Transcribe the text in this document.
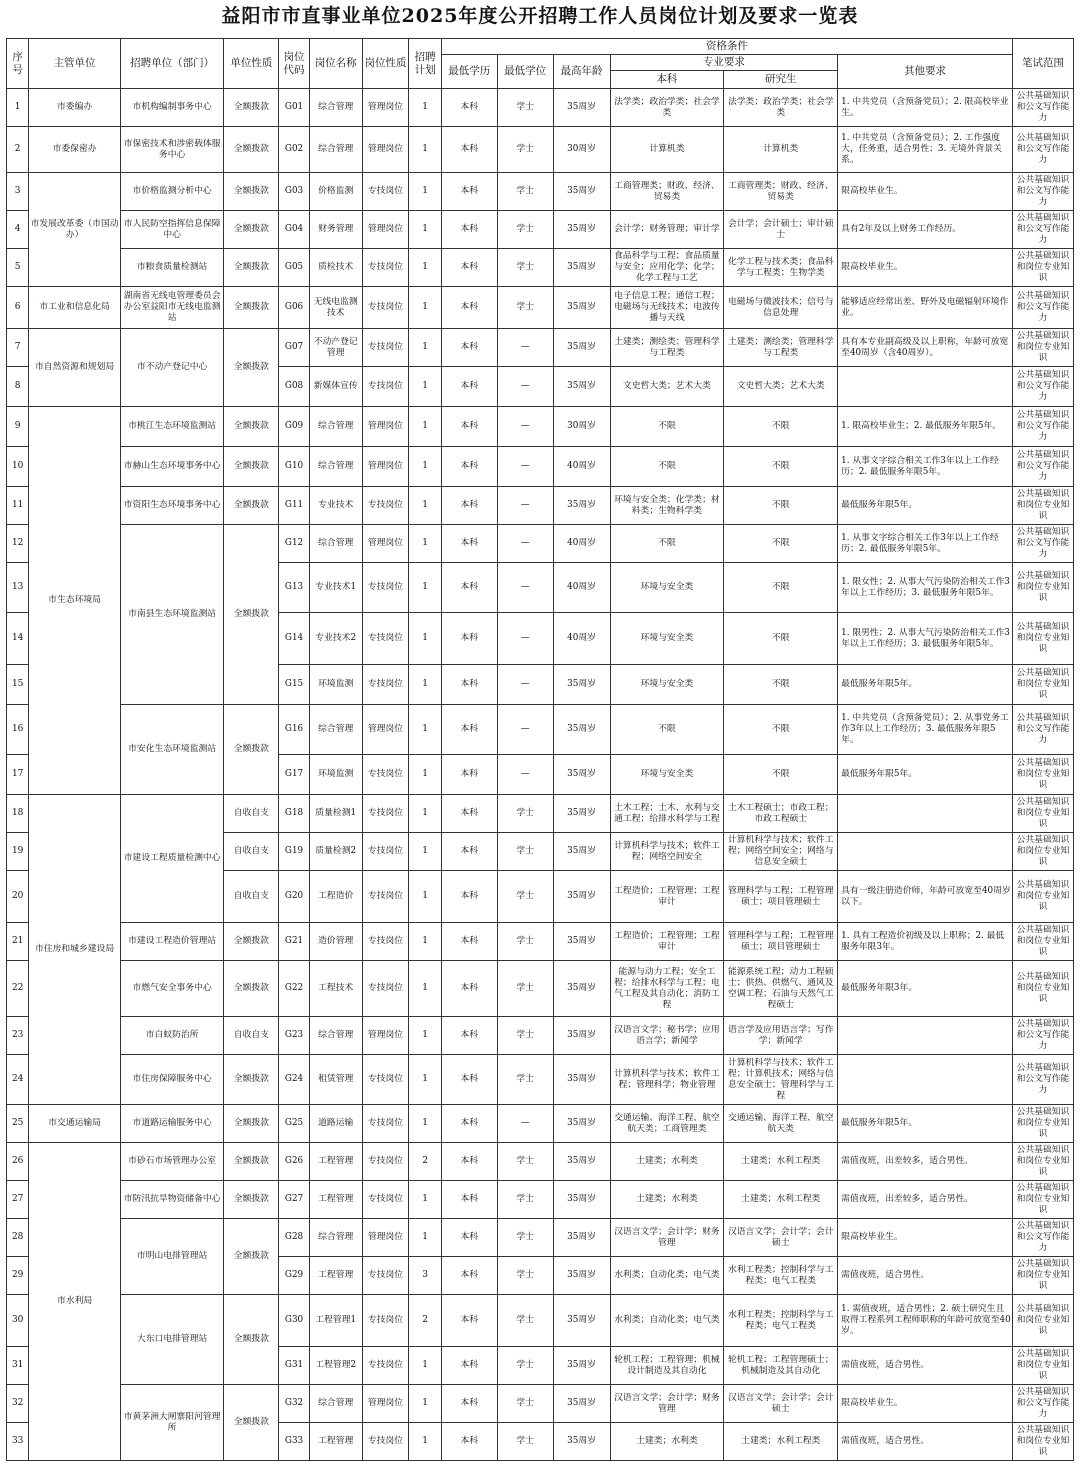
益阳市市直事业单位2025年度公开招聘工作人员岗位计划及要求一览表
序号	主管单位	招聘单位（部门）	单位性质	岗位代码	岗位名称	岗位性质	招聘计划	资格条件						笔试范围
								最低学历	最低学位	最高年龄	专业要求		其他要求	
											本科	研究生		
1	市委编办	市机构编制事务中心	全额拨款	G01	综合管理	管理岗位	1	本科	学士	35周岁	法学类；政治学类；社会学类	法学类；政治学类；社会学类	1. 中共党员（含预备党员）；2. 限高校毕业生。	公共基础知识和公文写作能力
2	市委保密办	市保密技术和涉密载体服务中心	全额拨款	G02	综合管理	管理岗位	1	本科	学士	30周岁	计算机类	计算机类	1. 中共党员（含预备党员）；2. 工作强度大，任务重，适合男性；3. 无境外背景关系。	公共基础知识和公文写作能力
3	市发展改革委（市国动办）	市价格监测分析中心	全额拨款	G03	价格监测	专技岗位	1	本科	学士	35周岁	工商管理类；财政、经济、贸易类	工商管理类；财政、经济、贸易类	限高校毕业生。	公共基础知识和公文写作能力
4		市人民防空指挥信息保障中心	全额拨款	G04	财务管理	管理岗位	1	本科	学士	35周岁	会计学；财务管理；审计学	会计学；会计硕士；审计硕士	具有2年及以上财务工作经历。	公共基础知识和公文写作能力
5		市粮食质量检测站	全额拨款	G05	质检技术	专技岗位	1	本科	学士	35周岁	食品科学与工程；食品质量与安全；应用化学；化学；化学工程与工艺	化学工程与技术类；食品科学与工程类；生物学类	限高校毕业生。	公共基础知识和岗位专业知识
6	市工业和信息化局	湖南省无线电管理委员会办公室益阳市无线电监测站	全额拨款	G06	无线电监测技术	专技岗位	1	本科	学士	35周岁	电子信息工程；通信工程；电磁场与无线技术；电波传播与天线	电磁场与微波技术；信号与信息处理	能够适应经常出差、野外及电磁辐射环境作业。	公共基础知识和公文写作能力
7	市自然资源和规划局	市不动产登记中心	全额拨款	G07	不动产登记管理	专技岗位	1	本科	—	35周岁	土建类；测绘类；管理科学与工程类	土建类；测绘类；管理科学与工程类	具有本专业副高级及以上职称，年龄可放宽至40周岁（含40周岁）。	公共基础知识和岗位专业知识
8				G08	新媒体宣传	专技岗位	1	本科	—	35周岁	文史哲大类；艺术大类	文史哲大类；艺术大类		公共基础知识和公文写作能力
9	市生态环境局	市桃江生态环境监测站	全额拨款	G09	综合管理	管理岗位	1	本科	—	30周岁	不限	不限	1. 限高校毕业生；2. 最低服务年限5年。	公共基础知识和公文写作能力
10		市赫山生态环境事务中心	全额拨款	G10	综合管理	管理岗位	1	本科	—	40周岁	不限	不限	1. 从事文字综合相关工作3年以上工作经历；2. 最低服务年限5年。	公共基础知识和公文写作能力
11		市资阳生态环境事务中心	全额拨款	G11	专业技术	专技岗位	1	本科	—	35周岁	环境与安全类；化学类；材料类；生物科学类	不限	最低服务年限5年。	公共基础知识和岗位专业知识
12		市南县生态环境监测站	全额拨款	G12	综合管理	管理岗位	1	本科	—	40周岁	不限	不限	1. 从事文字综合相关工作3年以上工作经历；2. 最低服务年限5年。	公共基础知识和公文写作能力
13				G13	专业技术1	专技岗位	1	本科	—	40周岁	环境与安全类	不限	1. 限女性；2. 从事大气污染防治相关工作3年以上工作经历；3. 最低服务年限5年。	公共基础知识和岗位专业知识
14				G14	专业技术2	专技岗位	1	本科	—	40周岁	环境与安全类	不限	1. 限男性；2. 从事大气污染防治相关工作3年以上工作经历；3. 最低服务年限5年。	公共基础知识和岗位专业知识
15				G15	环境监测	专技岗位	1	本科	—	35周岁	环境与安全类	不限	最低服务年限5年。	公共基础知识和岗位专业知识
16		市安化生态环境监测站	全额拨款	G16	综合管理	管理岗位	1	本科	—	35周岁	不限	不限	1. 中共党员（含预备党员）；2. 从事党务工作3年以上工作经历；3. 最低服务年限5年。	公共基础知识和公文写作能力
17				G17	环境监测	专技岗位	1	本科	—	35周岁	环境与安全类	不限	最低服务年限5年。	公共基础知识和岗位专业知识
18	市住房和城乡建设局	市建设工程质量检测中心	自收自支	G18	质量检测1	专技岗位	1	本科	学士	35周岁	土木工程；土木、水利与交通工程；给排水科学与工程	土木工程硕士；市政工程；市政工程硕士		公共基础知识和岗位专业知识
19			自收自支	G19	质量检测2	专技岗位	1	本科	学士	35周岁	计算机科学与技术；软件工程；网络空间安全	计算机科学与技术；软件工程；网络空间安全；网络与信息安全硕士		公共基础知识和岗位专业知识
20			自收自支	G20	工程造价	专技岗位	1	本科	学士	35周岁	工程造价；工程管理；工程审计	管理科学与工程；工程管理硕士；项目管理硕士	具有一级注册造价师，年龄可放宽至40周岁以下。	公共基础知识和岗位专业知识
21		市建设工程造价管理站	全额拨款	G21	造价管理	专技岗位	1	本科	学士	35周岁	工程造价；工程管理；工程审计	管理科学与工程；工程管理硕士；项目管理硕士	1. 具有工程造价初级及以上职称；2. 最低服务年限3年。	公共基础知识和岗位专业知识
22		市燃气安全事务中心	全额拨款	G22	工程技术	专技岗位	1	本科	学士	35周岁	能源与动力工程；安全工程；给排水科学与工程；电气工程及其自动化；消防工程	能源系统工程；动力工程硕士；供热、供燃气、通风及空调工程；石油与天然气工程硕士	最低服务年限3年。	公共基础知识和岗位专业知识
23		市白蚁防治所	自收自支	G23	综合管理	管理岗位	1	本科	学士	35周岁	汉语言文学；秘书学；应用语言学；新闻学	语言学及应用语言学；写作学；新闻学		公共基础知识和公文写作能力
24		市住房保障服务中心	全额拨款	G24	租赁管理	专技岗位	1	本科	学士	35周岁	计算机科学与技术；软件工程；管理科学；物业管理	计算机科学与技术；软件工程；计算机技术；网络与信息安全硕士；管理科学与工程		公共基础知识和公文写作能力
25	市交通运输局	市道路运输服务中心	全额拨款	G25	道路运输	专技岗位	1	本科	—	35周岁	交通运输、海洋工程、航空航天类；工商管理类	交通运输、海洋工程、航空航天类	最低服务年限5年。	公共基础知识和岗位专业知识
26	市水利局	市砂石市场管理办公室	全额拨款	G26	工程管理	专技岗位	2	本科	学士	35周岁	土建类；水利类	土建类；水利工程类	需值夜班，出差较多，适合男性。	公共基础知识和岗位专业知识
27		市防汛抗旱物资储备中心	全额拨款	G27	工程管理	专技岗位	1	本科	学士	35周岁	土建类；水利类	土建类；水利工程类	需值夜班，出差较多，适合男性。	公共基础知识和岗位专业知识
28		市明山电排管理站	全额拨款	G28	综合管理	管理岗位	1	本科	学士	35周岁	汉语言文学；会计学；财务管理	汉语言文学；会计学；会计硕士	限高校毕业生。	公共基础知识和公文写作能力
29				G29	工程管理	专技岗位	3	本科	学士	35周岁	水利类；自动化类；电气类	水利工程类；控制科学与工程类；电气工程类	需值夜班，适合男性。	公共基础知识和岗位专业知识
30		大东口电排管理站	全额拨款	G30	工程管理1	专技岗位	2	本科	学士	35周岁	水利类；自动化类；电气类	水利工程类；控制科学与工程类；电气工程类	1. 需值夜班，适合男性；2. 硕士研究生且取得工程系列工程师职称的年龄可放宽至40岁。	公共基础知识和岗位专业知识
31				G31	工程管理2	专技岗位	1	本科	学士	35周岁	轮机工程；工程管理；机械设计制造及其自动化	轮机工程；工程管理硕士；机械制造及其自动化	需值夜班，适合男性。	公共基础知识和岗位专业知识
32		市黄茅洲大闸寨阳河管理所	全额拨款	G32	综合管理	管理岗位	1	本科	学士	35周岁	汉语言文学；会计学；财务管理	汉语言文学；会计学；会计硕士	限高校毕业生。	公共基础知识和公文写作能力
33				G33	工程管理	专技岗位	1	本科	学士	35周岁	土建类；水利类	土建类；水利工程类	需值夜班，适合男性。	公共基础知识和岗位专业知识
